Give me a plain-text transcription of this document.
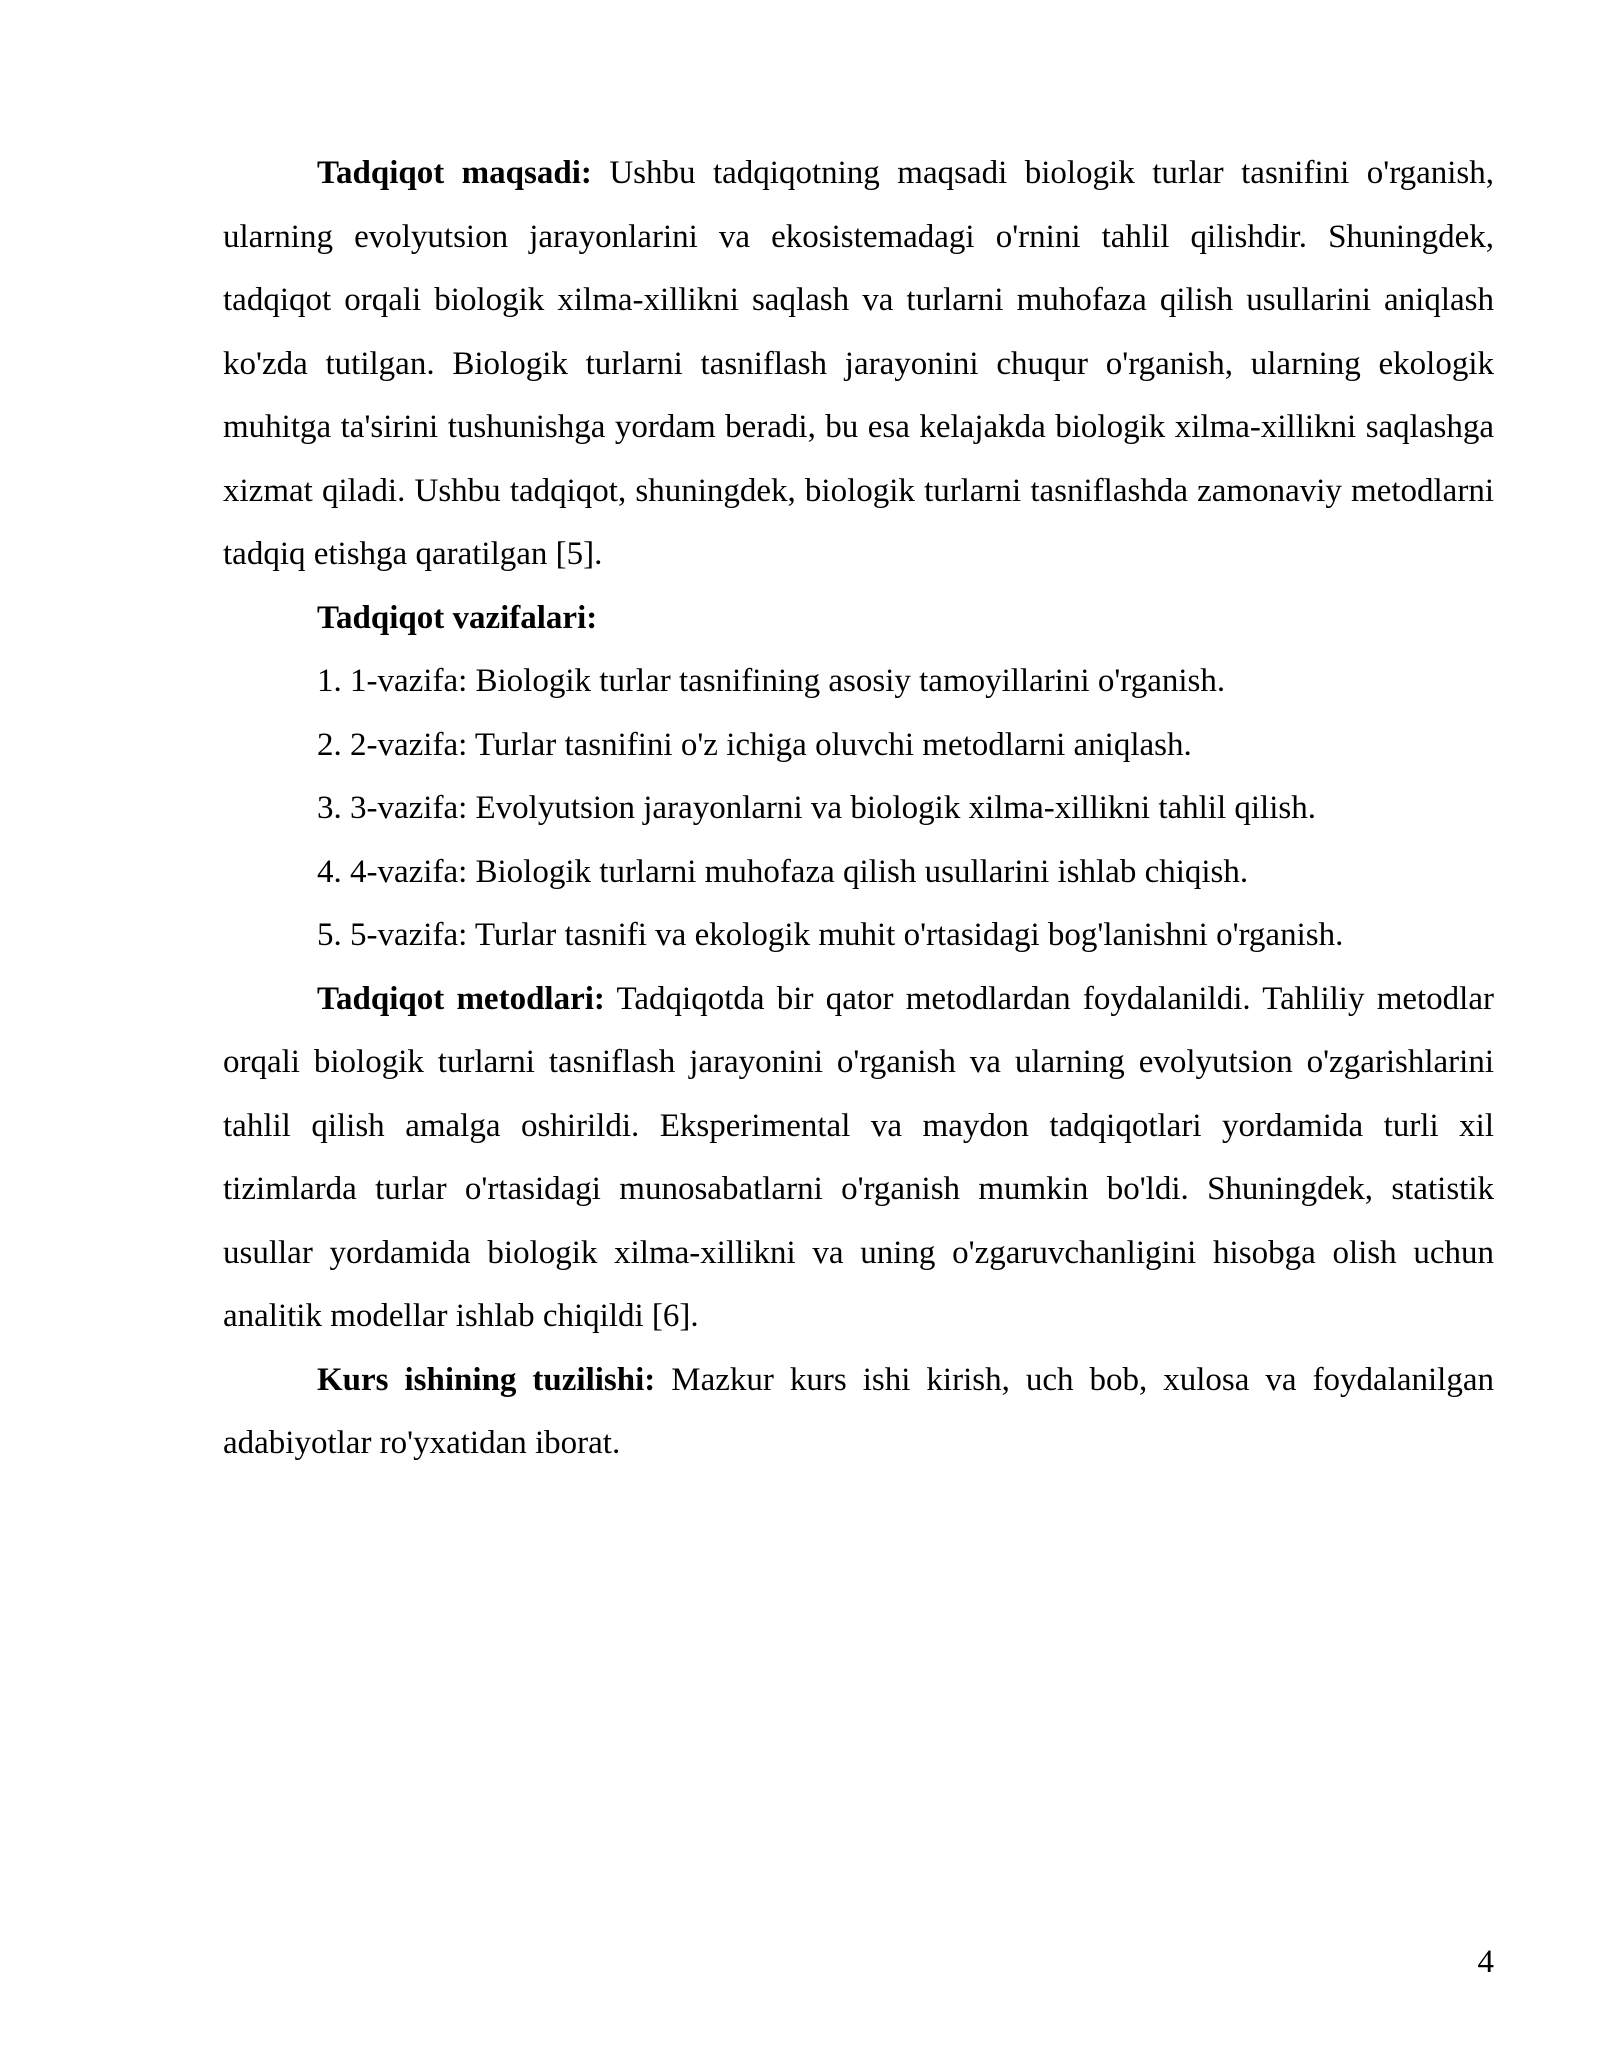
Tadqiqot maqsadi: Ushbu tadqiqotning maqsadi biologik turlar tasnifini o'rganish, ularning evolyutsion jarayonlarini va ekosistemadagi o'rnini tahlil qilishdir. Shuningdek, tadqiqot orqali biologik xilma-xillikni saqlash va turlarni muhofaza qilish usullarini aniqlash ko'zda tutilgan. Biologik turlarni tasniflash jarayonini chuqur o'rganish, ularning ekologik muhitga ta'sirini tushunishga yordam beradi, bu esa kelajakda biologik xilma-xillikni saqlashga xizmat qiladi. Ushbu tadqiqot, shuningdek, biologik turlarni tasniflashda zamonaviy metodlarni tadqiq etishga qaratilgan [5].

Tadqiqot vazifalari:

1. 1-vazifa: Biologik turlar tasnifining asosiy tamoyillarini o'rganish.
2. 2-vazifa: Turlar tasnifini o'z ichiga oluvchi metodlarni aniqlash.
3. 3-vazifa: Evolyutsion jarayonlarni va biologik xilma-xillikni tahlil qilish.
4. 4-vazifa: Biologik turlarni muhofaza qilish usullarini ishlab chiqish.
5. 5-vazifa: Turlar tasnifi va ekologik muhit o'rtasidagi bog'lanishni o'rganish.

Tadqiqot metodlari: Tadqiqotda bir qator metodlardan foydalanildi. Tahliliy metodlar orqali biologik turlarni tasniflash jarayonini o'rganish va ularning evolyutsion o'zgarishlarini tahlil qilish amalga oshirildi. Eksperimental va maydon tadqiqotlari yordamida turli xil tizimlarda turlar o'rtasidagi munosabatlarni o'rganish mumkin bo'ldi. Shuningdek, statistik usullar yordamida biologik xilma-xillikni va uning o'zgaruvchanligini hisobga olish uchun analitik modellar ishlab chiqildi [6].

Kurs ishining tuzilishi: Mazkur kurs ishi kirish, uch bob, xulosa va foydalanilgan adabiyotlar ro'yxatidan iborat.

4
